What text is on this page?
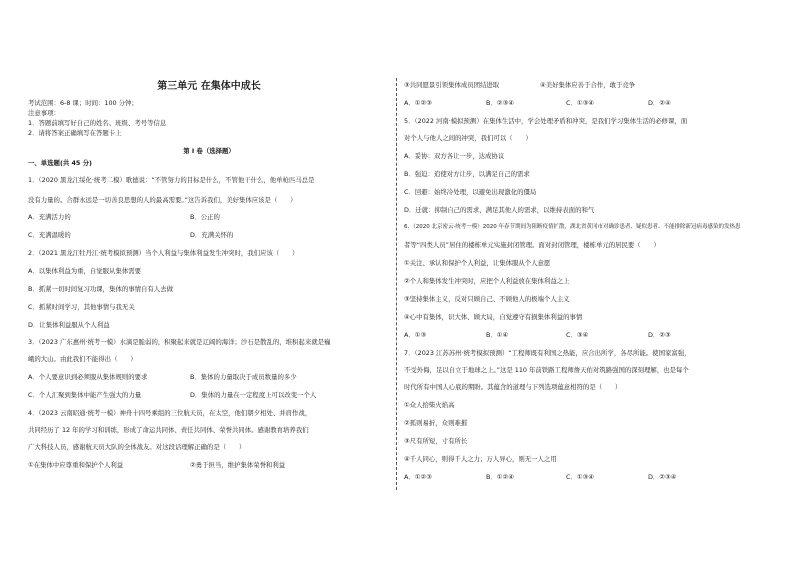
第三单元 在集体中成长
考试范围：6-8 课；时间：100 分钟；
注意事项：
1．答题前填写好自己的姓名、班级、考号等信息
2．请将答案正确填写在答题卡上
第 I 卷（选择题）
一、单选题(共 45 分)
1．（2020 黑龙江绥化·统考二模）歌德说：“不管努力的目标是什么，不管他干什么，他单枪匹马总是
没有力量的。合群永远是一切善良思想的人的最高需要。”这告诉我们，美好集体应该是（　　）
A．充满活力的	B．公正的
C．充满温暖的	D．充满关怀的
2．（2021 黑龙江牡丹江·统考模拟预测）当个人利益与集体利益发生冲突时，我们应该（　　）
A．以集体利益为重，自觉服从集体需要
B．抓紧一切时间复习功课，集体的事情自有人去做
C．抓紧时间学习，其他事情与我无关
D．让集体利益服从个人利益
3．（2023 广东惠州·统考一模）水滴是脆弱的，积聚起来就是辽阔的海洋；沙石是散乱的，堆积起来就是巍
峨的大山。由此我们不能得出（　　）
A．个人要意识到必须服从集体规则的要求	B．集体的力量取决于成员数量的多少
C．个人汇聚到集体中能产生强大的力量	D．集体的力量在一定程度上可以改变一个人
4．（2023 云南昭通·统考一模）神舟十四号乘组的三位航天员，在太空，他们朝夕相处、并肩作战，
共同经历了 12 年的学习和训练，形成了命运共同体、责任共同体、荣誉共同体。感谢教育培养我们
广大科技人员，感谢航天员大队的全体战友。对这段话理解正确的是（　　）
①在集体中应尊重和保护个人利益	②勇于担当，维护集体荣誉和利益
③共同愿景引领集体成员团结进取	④美好集体应善于合作，敢于竞争
A．①②③	B．②③④	C．①③④	D．②④
5．（2022 河南·模拟预测）在集体生活中，学会处理矛盾和冲突，是我们学习集体生活的必修课，面
对个人与他人之间的冲突，我们可以（　　）
A．妥协：双方各让一步，达成协议
B．强迫：追使对方让步，以满足自己的需求
C．回避：始终冷处理，以避免出现激化的僵局
D．迁就：抑制自己的需求，满足其他人的需求，以维持表面的和气
6．（2020 北京密云·统考一模）2020 年春节期间为阻断疫情扩散，湖北省黄冈市对确诊患者、疑似患者、不能排除新冠病毒感染的发热患
者等“四类人员”居住的楼栋单元实施封闭管理。面对封闭管理，楼栋单元的居民要（　　）
①关注、承认和保护个人利益，让集体服从个人意愿
②个人和集体发生冲突时，应把个人利益放在集体利益之上
③坚持集体主义，反对只顾自己、不顾他人的极端个人主义
④心中有集体，识大体、顾大局，自觉遵守有损集体利益的事情
A．①③	B．①④	C．③④	D．②③
7．（2023 江苏苏州·统考模拟预测）“工程师既有利国之热能，应合出所学，各尽所能。使国家富强，
不受外侮，足以自立于地球之上。”这是 110 年前铁路工程师詹天佑对筑路强国的深刻理解，也是每个
时代所有中国人心底的期盼。其蕴含的道理与下列选项蕴意相符的是（　　）
①众人拾柴火焰高
②孤则易折，众则难摧
③尺有所短，寸有所长
④千人同心，则得千人之力；万人异心，则无一人之用
A．①②③	B．①②④	C．①③④	D．②③④
